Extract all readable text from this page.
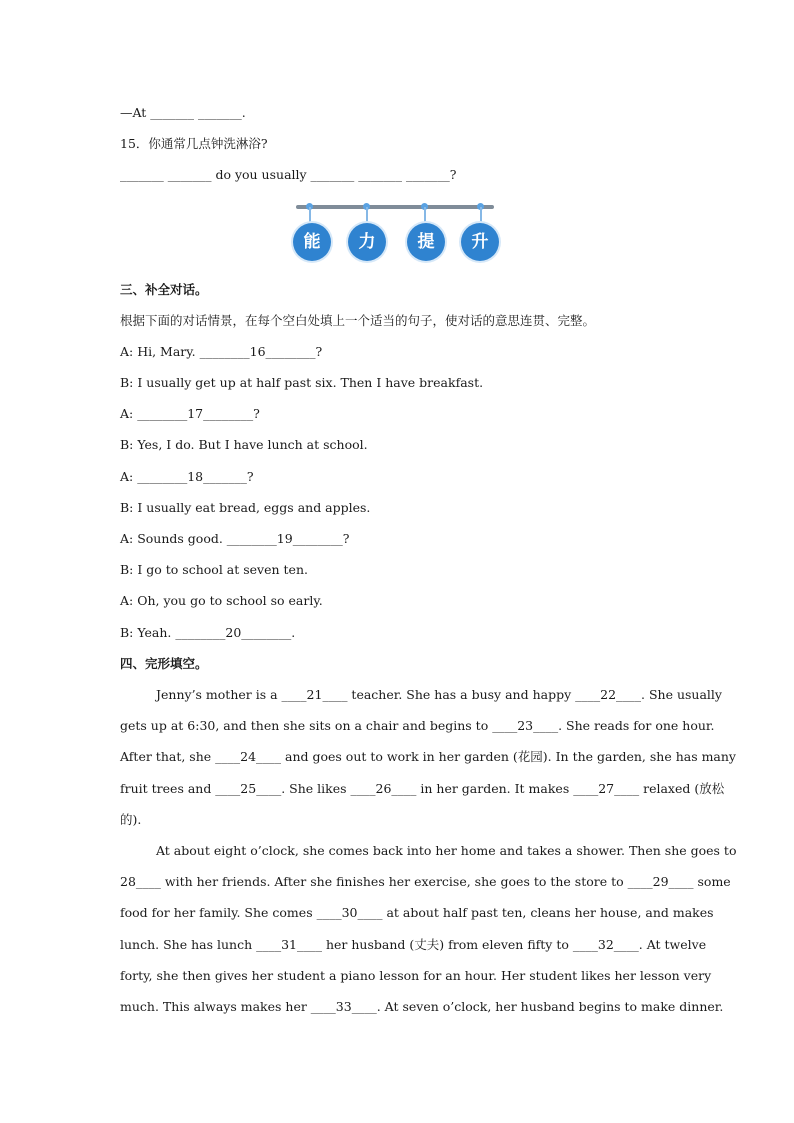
—At _______ _______.
15．你通常几点钟洗淋浴?
_______ _______ do you usually _______ _______ _______?
能	力	提	升
三、补全对话。
根据下面的对话情景，在每个空白处填上一个适当的句子，使对话的意思连贯、完整。
A: Hi, Mary. ________16________?
B: I usually get up at half past six. Then I have breakfast.
A: ________17________?
B: Yes, I do. But I have lunch at school.
A: ________18_______?
B: I usually eat bread, eggs and apples.
A: Sounds good. ________19________?
B: I go to school at seven ten.
A: Oh, you go to school so early.
B: Yeah. ________20________.
四、完形填空。
Jenny’s mother is a ____21____ teacher. She has a busy and happy ____22____. She usually
gets up at 6:30, and then she sits on a chair and begins to ____23____. She reads for one hour.
After that, she ____24____ and goes out to work in her garden (花园). In the garden, she has many
fruit trees and ____25____. She likes ____26____ in her garden. It makes ____27____ relaxed (放松
的).
At about eight o’clock, she comes back into her home and takes a shower. Then she goes to
28____ with her friends. After she finishes her exercise, she goes to the store to ____29____ some
food for her family. She comes ____30____ at about half past ten, cleans her house, and makes
lunch. She has lunch ____31____ her husband (丈夫) from eleven fifty to ____32____. At twelve
forty, she then gives her student a piano lesson for an hour. Her student likes her lesson very
much. This always makes her ____33____. At seven o’clock, her husband begins to make dinner.
